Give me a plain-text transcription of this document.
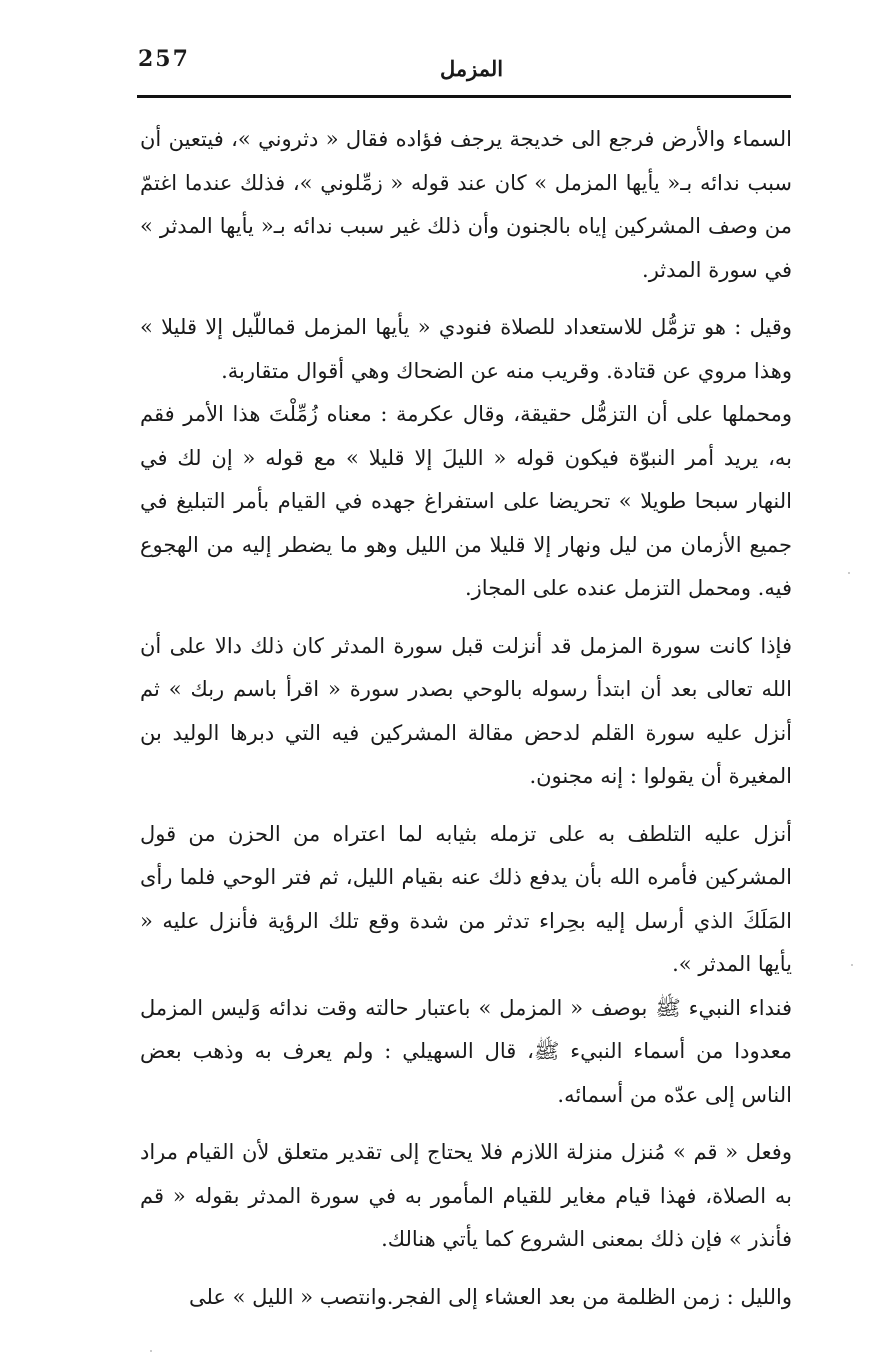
257	المزمل

السماء والأرض فرجع الى خديجة يرجف فؤاده فقال « دثروني »، فيتعين أن سبب ندائه بـ« يأيها المزمل » كان عند قوله « زمِّلوني »، فذلك عندما اغتمّ من وصف المشركين إياه بالجنون وأن ذلك غير سبب ندائه بـ« يأيها المدثر » في سورة المدثر.

وقيل : هو تزمُّل للاستعداد للصلاة فنودي « يأيها المزمل قماللّيل إلا قليلا » وهذا مروي عن قتادة. وقريب منه عن الضحاك وهي أقوال متقاربة.

ومحملها على أن التزمُّل حقيقة، وقال عكرمة : معناه زُمِّلْتَ هذا الأمر فقم به، يريد أمر النبوّة فيكون قوله « الليلَ إلا قليلا » مع قوله « إن لك في النهار سبحا طويلا » تحريضا على استفراغ جهده في القيام بأمر التبليغ في جميع الأزمان من ليل ونهار إلا قليلا من الليل وهو ما يضطر إليه من الهجوع فيه. ومحمل التزمل عنده على المجاز.

فإذا كانت سورة المزمل قد أنزلت قبل سورة المدثر كان ذلك دالا على أن الله تعالى بعد أن ابتدأ رسوله بالوحي بصدر سورة « اقرأ باسم ربك » ثم أنزل عليه سورة القلم لدحض مقالة المشركين فيه التي دبرها الوليد بن المغيرة أن يقولوا : إنه مجنون.

أنزل عليه التلطف به على تزمله بثيابه لما اعتراه من الحزن من قول المشركين فأمره الله بأن يدفع ذلك عنه بقيام الليل، ثم فتر الوحي فلما رأى المَلَكَ الذي أرسل إليه بحِراء تدثر من شدة وقع تلك الرؤية فأنزل عليه « يأيها المدثر ».

فنداء النبيء ﷺ بوصف « المزمل » باعتبار حالته وقت ندائه وَليس المزمل معدودا من أسماء النبيء ﷺ، قال السهيلي : ولم يعرف به وذهب بعض الناس إلى عدّه من أسمائه.

وفعل « قم » مُنزل منزلة اللازم فلا يحتاج إلى تقدير متعلق لأن القيام مراد به الصلاة، فهذا قيام مغاير للقيام المأمور به في سورة المدثر بقوله « قم فأنذر » فإن ذلك بمعنى الشروع كما يأتي هنالك.

والليل : زمن الظلمة من بعد العشاء إلى الفجر.وانتصب « الليل » على
